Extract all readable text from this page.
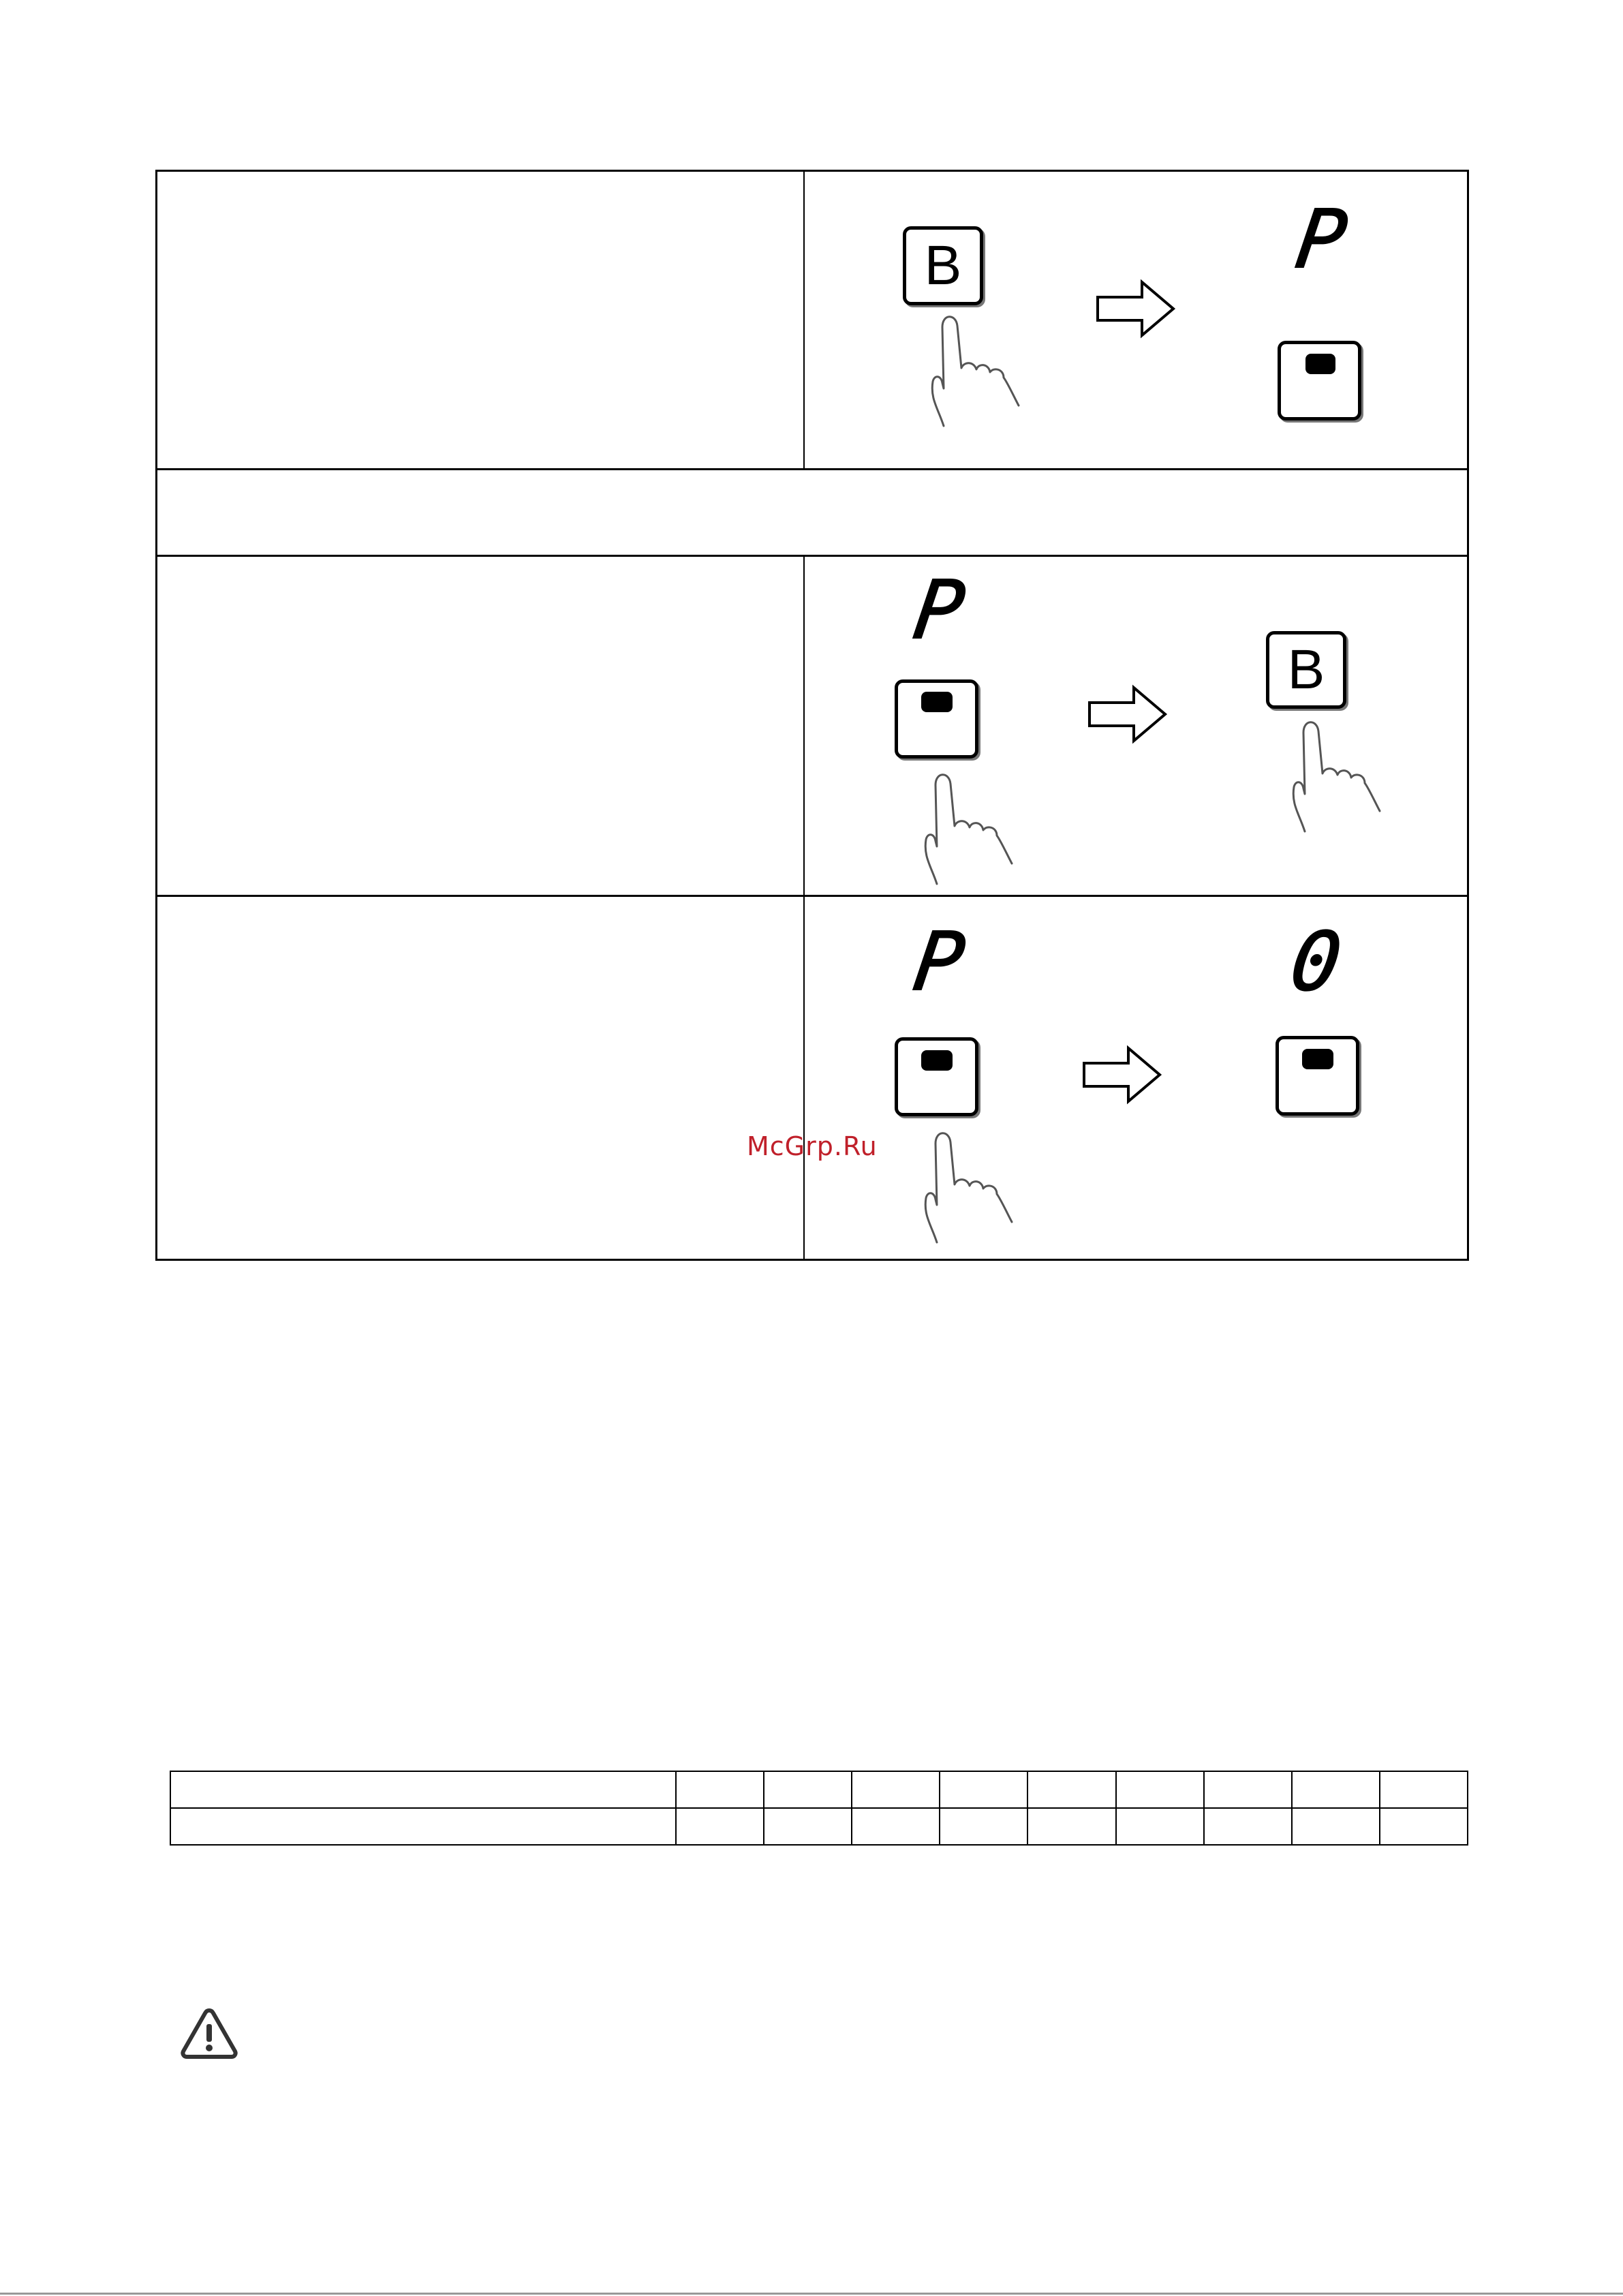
B	P
P
B
P	0
McGrp.Ru
